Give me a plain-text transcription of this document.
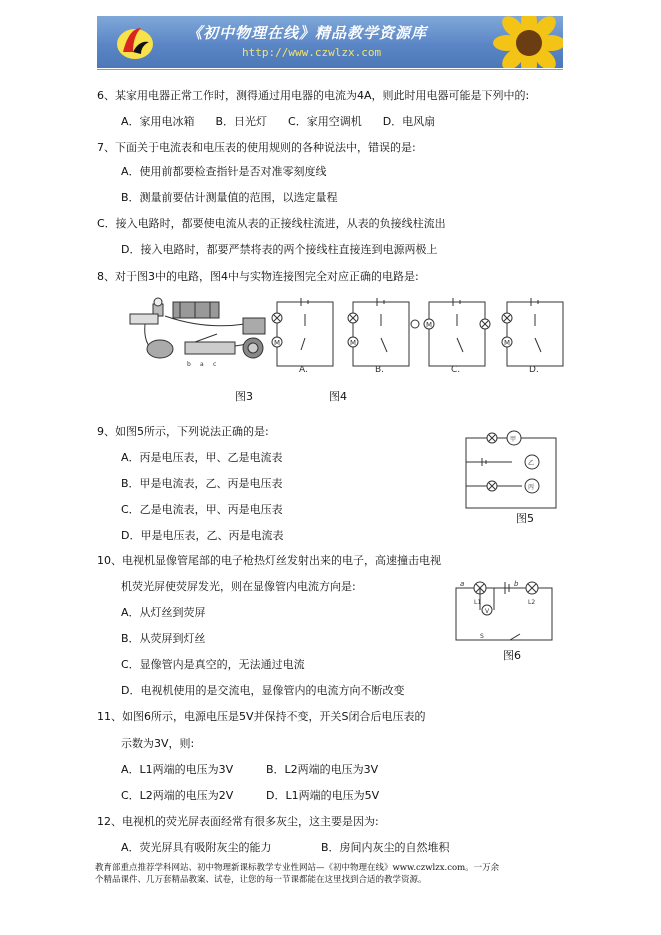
《初中物理在线》精品教学资源库
http://www.czwlzx.com
6、某家用电器正常工作时，测得通过用电器的电流为4A，则此时用电器可能是下列中的:
A．家用电冰箱      B．日光灯      C．家用空调机      D．电风扇
7、下面关于电流表和电压表的使用规则的各种说法中，错误的是:
A．使用前都要检查指针是否对准零刻度线
B．测量前要估计测量值的范围，以选定量程
C．接入电路时，都要使电流从表的正接线柱流进，从表的负接线柱流出
D．接入电路时，都要严禁将表的两个接线柱直接连到电源两极上
8、对于图3中的电路，图4中与实物连接图完全对应正确的电路是:
b a c
M	M
M
M
A.	B.	C.	D.
图3	图4
9、如图5所示，下列说法正确的是:
A．丙是电压表，甲、乙是电流表
B．甲是电流表，乙、丙是电压表
C．乙是电流表，甲、丙是电压表
D．甲是电压表，乙、丙是电流表
甲
乙
丙
图5
10、电视机显像管尾部的电子枪热灯丝发射出来的电子，高速撞击电视
机荧光屏使荧屏发光，则在显像管内电流方向是:
A．从灯丝到荧屏
B．从荧屏到灯丝
C．显像管内是真空的，无法通过电流
D．电视机使用的是交流电，显像管内的电流方向不断改变
a	b
L1	L2
V
S
图6
11、如图6所示，电源电压是5V并保持不变，开关S闭合后电压表的
示数为3V，则:
A．L1两端的电压为3V	B．L2两端的电压为3V
C．L2两端的电压为2V	D．L1两端的电压为5V
12、电视机的荧光屏表面经常有很多灰尘，这主要是因为:
A．荧光屏具有吸附灰尘的能力	B．房间内灰尘的自然堆积
教育部重点推荐学科网站、初中物理新课标教学专业性网站—《初中物理在线》www.czwlzx.com。一万余
个精品课件、几万套精品教案、试卷，让您的每一节课都能在这里找到合适的教学资源。
